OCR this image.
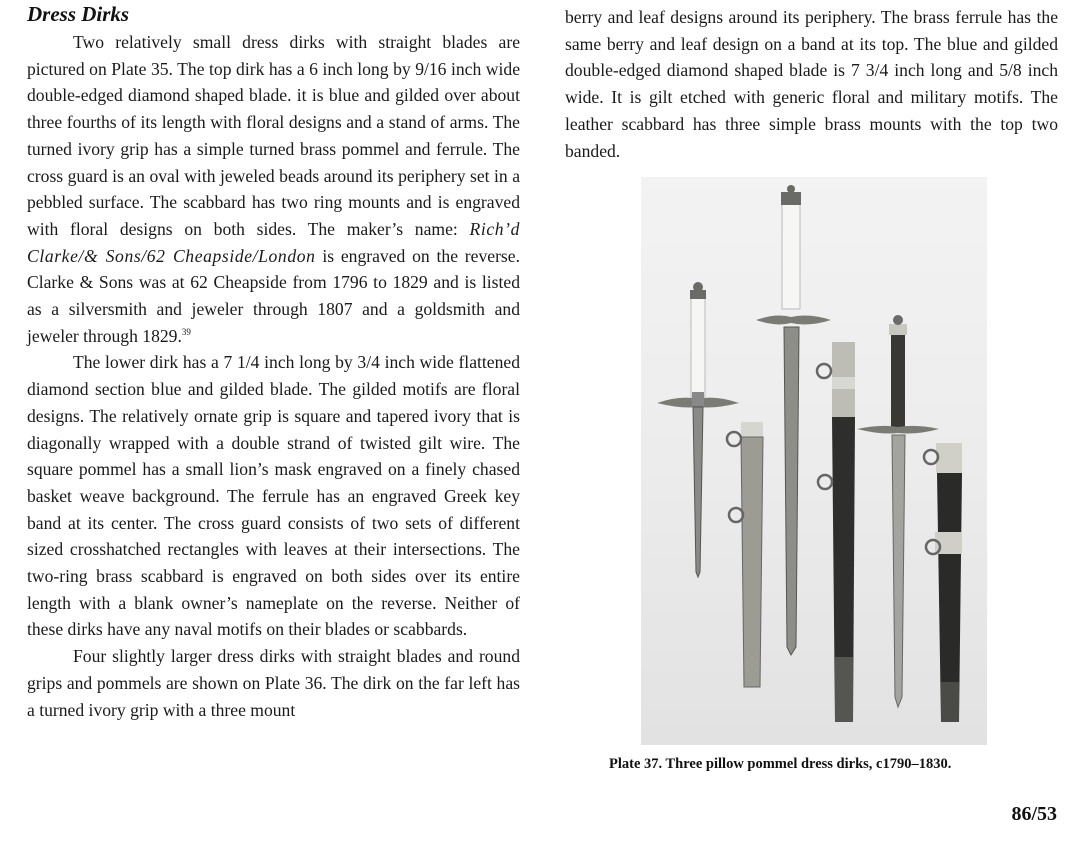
Dress Dirks

Two relatively small dress dirks with straight blades are pictured on Plate 35. The top dirk has a 6 inch long by 9/16 inch wide double-edged diamond shaped blade. it is blue and gilded over about three fourths of its length with floral designs and a stand of arms. The turned ivory grip has a simple turned brass pommel and ferrule. The cross guard is an oval with jeweled beads around its periphery set in a pebbled surface. The scabbard has two ring mounts and is engraved with floral designs on both sides. The maker’s name: Rich’d Clarke/& Sons/62 Cheapside/London is engraved on the reverse. Clarke & Sons was at 62 Cheapside from 1796 to 1829 and is listed as a silversmith and jeweler through 1807 and a goldsmith and jeweler through 1829.39

The lower dirk has a 7 1/4 inch long by 3/4 inch wide flattened diamond section blue and gilded blade. The gilded motifs are floral designs. The relatively ornate grip is square and tapered ivory that is diagonally wrapped with a double strand of twisted gilt wire. The square pommel has a small lion’s mask engraved on a finely chased basket weave background. The ferrule has an engraved Greek key band at its center. The cross guard consists of two sets of different sized crosshatched rectangles with leaves at their intersections. The two-ring brass scabbard is engraved on both sides over its entire length with a blank owner’s nameplate on the reverse. Neither of these dirks have any naval motifs on their blades or scabbards.

Four slightly larger dress dirks with straight blades and round grips and pommels are shown on Plate 36. The dirk on the far left has a turned ivory grip with a three mount

berry and leaf designs around its periphery. The brass ferrule has the same berry and leaf design on a band at its top. The blue and gilded double-edged diamond shaped blade is 7 3/4 inch long and 5/8 inch wide. It is gilt etched with generic floral and military motifs. The leather scabbard has three simple brass mounts with the top two banded.

Plate 37. Three pillow pommel dress dirks, c1790–1830.
86/53
